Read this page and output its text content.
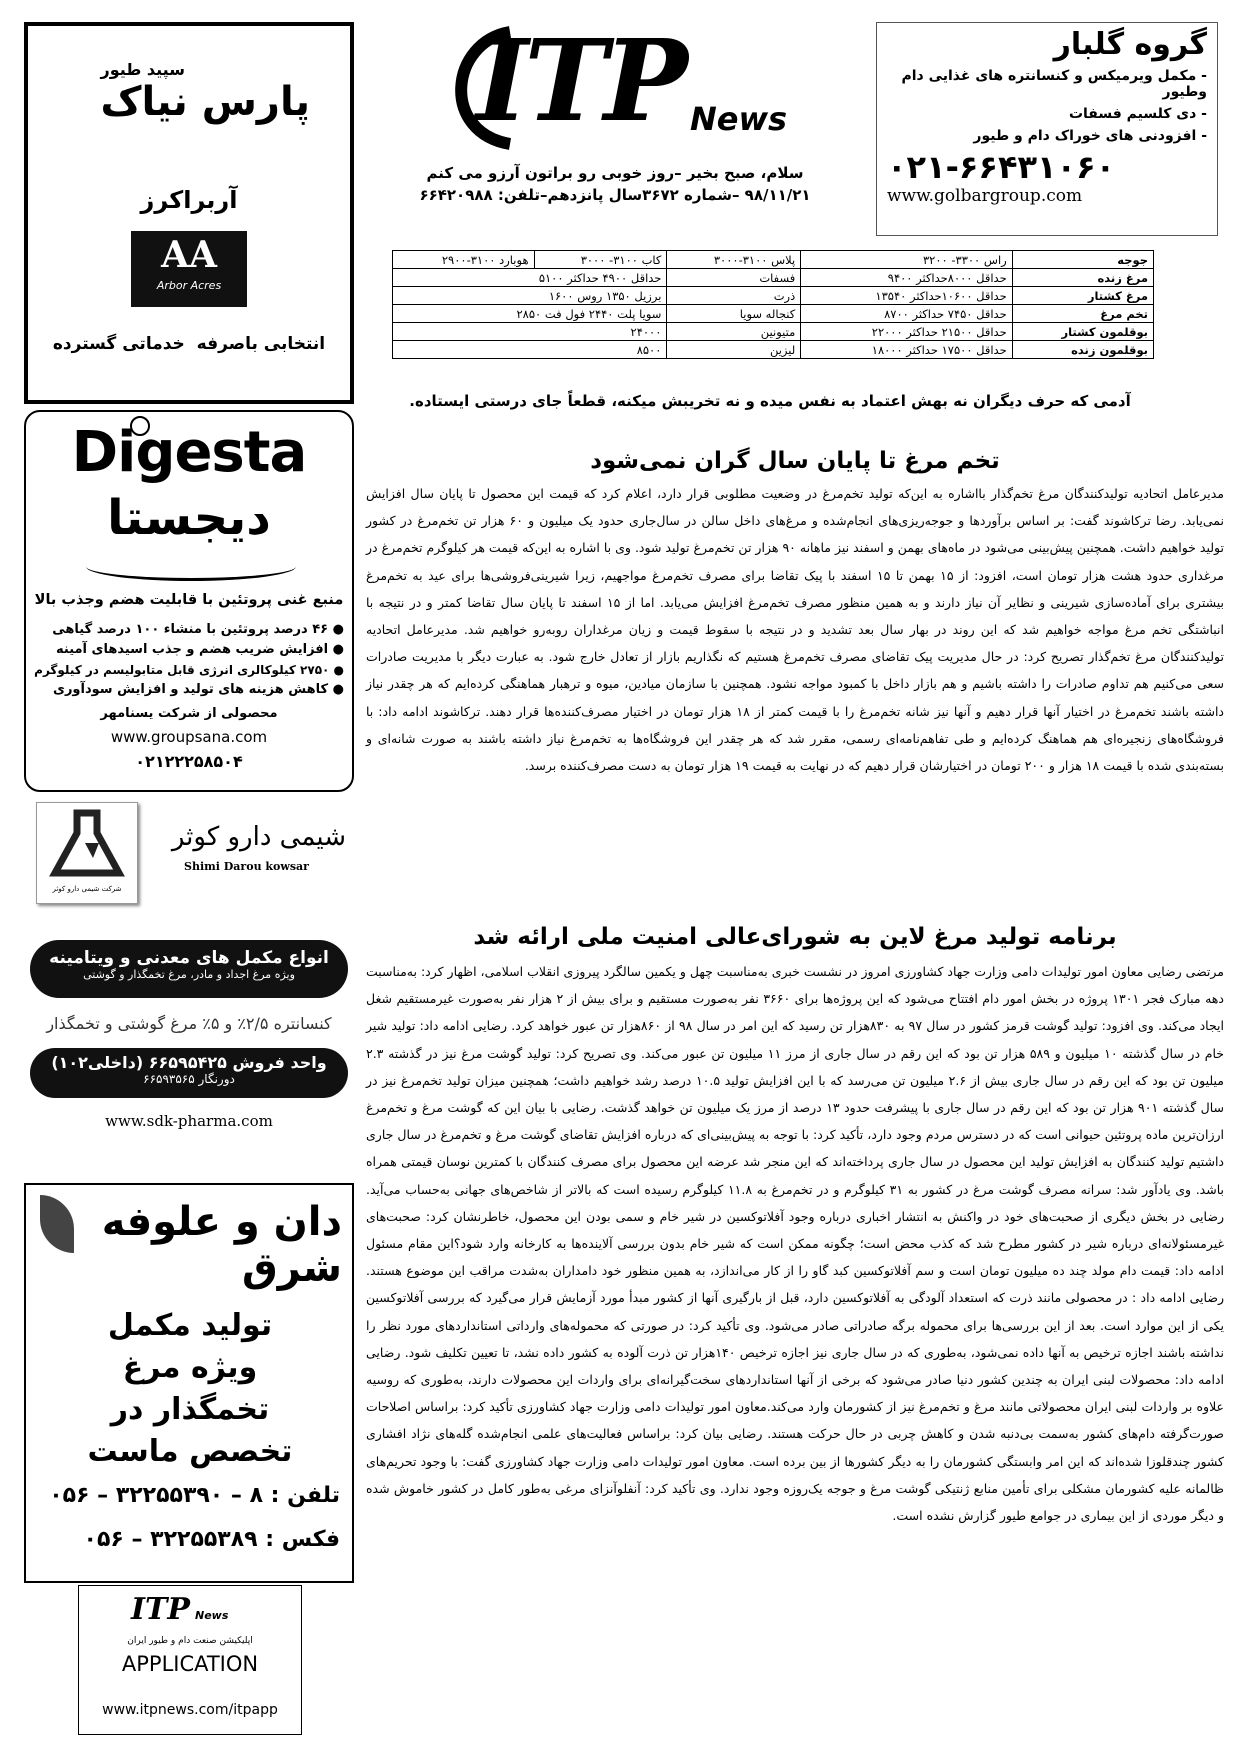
گروه گلبار
- مکمل ویرمیکس و کنسانتره های غذایی دام وطیور
- دی کلسیم فسفات
- افزودنی های خوراک دام و طیور
۰۲۱-۶۶۴۳۱۰۶۰
www.golbargroup.com
ITP News
سلام، صبح بخیر –روز خوبی رو براتون آرزو می کنم
۹۸/۱۱/۲۱ –شماره ۳۶۷۲سال پانزدهم–تلفن: ۶۶۴۲۰۹۸۸
جوجه	راس ۳۳۰۰- ۳۲۰۰	پلاس ۳۱۰۰-۳۰۰۰	کاب ۳۱۰۰- ۳۰۰۰	هوبارد ۳۱۰۰-۲۹۰۰
مرغ زنده	حداقل ۸۰۰۰حداکثر ۹۴۰۰	فسفات	حداقل ۴۹۰۰ حداکثر ۵۱۰۰	
مرغ کشتار	حداقل ۱۰۶۰۰حداکثر ۱۳۵۴۰	ذرت	برزیل ۱۳۵۰ روس ۱۶۰۰	
تخم مرغ	حداقل ۷۴۵۰ حداکثر ۸۷۰۰	کنجاله سویا	سویا پلت ۲۴۴۰ فول فت ۲۸۵۰	
بوقلمون کشتار	حداقل ۲۱۵۰۰ حداکثر ۲۲۰۰۰	متیونین	۲۴۰۰۰	
بوقلمون زنده	حداقل ۱۷۵۰۰ حداکثر ۱۸۰۰۰	لیزین	۸۵۰۰	
آدمی که حرف دیگران نه بهش اعتماد به نفس میده و نه تخریبش میکنه، قطعاً جای درستی ایستاده.
تخم مرغ تا پایان سال گران نمی‌شود
مدیرعامل اتحادیه تولیدکنندگان مرغ تخم‌گذار بااشاره به این‌که تولید تخم‌مرغ در وضعیت مطلوبی قرار دارد، اعلام کرد که قیمت این محصول تا پایان سال افزایش نمی‌یابد. رضا ترکاشوند گفت: بر اساس برآوردها و جوجه‌ریزی‌های انجام‌شده و مرغ‌های داخل سالن در سال‌جاری حدود یک میلیون و ۶۰ هزار تن تخم‌مرغ در کشور تولید خواهیم داشت. همچنین پیش‌بینی می‌شود در ماه‌های بهمن و اسفند نیز ماهانه ۹۰ هزار تن تخم‌مرغ تولید شود. وی با اشاره به این‌که قیمت هر کیلوگرم تخم‌مرغ در مرغداری حدود هشت هزار تومان است، افزود: از ۱۵ بهمن تا ۱۵ اسفند با پیک تقاضا برای مصرف تخم‌مرغ مواجهیم، زیرا شیرینی‌فروشی‌ها برای عید به تخم‌مرغ بیشتری برای آماده‌سازی شیرینی و نظایر آن نیاز دارند و به همین منظور مصرف تخم‌مرغ افزایش می‌یابد. اما از ۱۵ اسفند تا پایان سال تقاضا کمتر و در نتیجه با انباشتگی تخم مرغ مواجه خواهیم شد که این روند در بهار سال بعد تشدید و در نتیجه با سقوط قیمت و زیان مرغداران روبه‌رو خواهیم شد. مدیرعامل اتحادیه تولیدکنندگان مرغ تخم‌گذار تصریح کرد: در حال مدیریت پیک تقاضای مصرف تخم‌مرغ هستیم که نگذاریم بازار از تعادل خارج شود. به عبارت دیگر با مدیریت صادرات سعی می‌کنیم هم تداوم صادرات را داشته باشیم و هم بازار داخل با کمبود مواجه نشود. همچنین با سازمان میادین، میوه و ترهبار هماهنگی کرده‌ایم که هر چقدر نیاز داشته باشند تخم‌مرغ در اختیار آنها قرار دهیم و آنها نیز شانه تخم‌مرغ را با قیمت کمتر از ۱۸ هزار تومان در اختیار مصرف‌کننده‌ها قرار دهند. ترکاشوند ادامه داد: با فروشگاه‌های زنجیره‌ای هم هماهنگ کرده‌ایم و طی تفاهم‌نامه‌ای رسمی، مقرر شد که هر چقدر این فروشگاه‌ها به تخم‌مرغ نیاز داشته باشند به صورت شانه‌ای و بسته‌بندی شده با قیمت ۱۸ هزار و ۲۰۰ تومان در اختیارشان قرار دهیم که در نهایت به قیمت ۱۹ هزار تومان به دست مصرف‌کننده برسد.
برنامه تولید مرغ لاین به شورای‌عالی امنیت ملی ارائه شد
مرتضی رضایی معاون امور تولیدات دامی وزارت جهاد کشاورزی امروز در نشست خبری به‌مناسبت چهل و یکمین سالگرد پیروزی انقلاب اسلامی، اظهار کرد: به‌مناسبت دهه مبارک فجر ۱۳۰۱ پروژه در بخش امور دام افتتاح می‌شود که این پروژه‌ها برای ۳۶۶۰ نفر به‌صورت مستقیم و برای بیش از ۲ هزار نفر به‌صورت غیرمستقیم شغل ایجاد می‌کند. وی افزود: تولید گوشت قرمز کشور در سال ۹۷ به ۸۳۰هزار تن رسید که این امر در سال ۹۸ از ۸۶۰هزار تن عبور خواهد کرد. رضایی ادامه داد: تولید شیر خام در سال گذشته ۱۰ میلیون و ۵۸۹ هزار تن بود که این رقم در سال جاری از مرز ۱۱ میلیون تن عبور می‌کند. وی تصریح کرد: تولید گوشت مرغ نیز در گذشته ۲.۳ میلیون تن بود که این رقم در سال جاری بیش از ۲.۶ میلیون تن می‌رسد که با این افزایش تولید ۱۰.۵ درصد رشد خواهیم داشت؛ همچنین میزان تولید تخم‌مرغ نیز در سال گذشته ۹۰۱ هزار تن بود که این رقم در سال جاری با پیشرفت حدود ۱۳ درصد از مرز یک میلیون تن خواهد گذشت. رضایی با بیان این که گوشت مرغ و تخم‌مرغ ارزان‌ترین ماده پروتئین حیوانی است که در دسترس مردم وجود دارد، تأکید کرد: با توجه به پیش‌بینی‌ای که درباره افزایش تقاضای گوشت مرغ و تخم‌مرغ در سال جاری داشتیم تولید کنندگان به افزایش تولید این محصول در سال جاری پرداخته‌اند که این منجر شد عرضه این محصول برای مصرف کنندگان با کمترین نوسان قیمتی همراه باشد. وی یادآور شد: سرانه مصرف گوشت مرغ در کشور به ۳۱ کیلوگرم و در تخم‌مرغ به ۱۱.۸ کیلوگرم رسیده است که بالاتر از شاخص‌های جهانی به‌حساب می‌آید. رضایی در بخش دیگری از صحبت‌های خود در واکنش به انتشار اخباری درباره وجود آفلاتوکسین در شیر خام و سمی بودن این محصول، خاطرنشان کرد: صحبت‌های غیرمسئولانه‌ای درباره شیر در کشور مطرح شد که کذب محض است؛ چگونه ممکن است که شیر خام بدون بررسی آلاینده‌ها به کارخانه وارد شود؟این مقام مسئول ادامه داد: قیمت دام مولد چند ده میلیون تومان است و سم آفلاتوکسین کبد گاو را از کار می‌اندازد، به همین منظور خود دامداران به‌شدت مراقب این موضوع هستند. رضایی ادامه داد : در محصولی مانند ذرت که استعداد آلودگی به آفلاتوکسین دارد، قبل از بارگیری آنها از کشور مبدأ مورد آزمایش قرار می‌گیرد که بررسی آفلاتوکسین یکی از این موارد است. بعد از این بررسی‌ها برای محموله برگه صادراتی صادر می‌شود. وی تأکید کرد: در صورتی که محموله‌های وارداتی استانداردهای مورد نظر را نداشته باشند اجازه ترخیص به آنها داده نمی‌شود، به‌طوری که در سال جاری نیز اجازه ترخیص ۱۴۰هزار تن ذرت آلوده به کشور داده نشد، تا تعیین تکلیف شود. رضایی ادامه داد: محصولات لبنی ایران به چندین کشور دنیا صادر می‌شود که برخی از آنها استانداردهای سخت‌گیرانه‌ای برای واردات این محصولات دارند، به‌طوری که روسیه علاوه بر واردات لبنی ایران محصولاتی مانند مرغ و تخم‌مرغ نیز از کشورمان وارد می‌کند.معاون امور تولیدات دامی وزارت جهاد کشاورزی تأکید کرد: براساس اصلاحات صورت‌گرفته دام‌های کشور به‌سمت بی‌دنبه شدن و کاهش چربی در حال حرکت هستند. رضایی بیان کرد: براساس فعالیت‌های علمی انجام‌شده گله‌های نژاد افشاری کشور چندقلوزا شده‌اند که این امر وابستگی کشورمان را به دیگر کشورها از بین برده است. معاون امور تولیدات دامی وزارت جهاد کشاورزی گفت: با وجود تحریم‌های ظالمانه علیه کشورمان مشکلی برای تأمین منابع ژنتیکی گوشت مرغ و جوجه یک‌روزه وجود ندارد. وی تأکید کرد: آنفلوآنزای مرغی به‌طور کامل در کشور خاموش شده و دیگر موردی از این بیماری در جوامع طیور گزارش نشده است.
سپید طیور
پارس نیاک
آربراکرز
AA
Arbor Acres
انتخابی باصرفه  خدماتی گسترده
Digesta
دیجستا
منبع غنی پروتئین با قابلیت هضم وجذب بالا
● ۴۶ درصد پروتئین با منشاء ۱۰۰ درصد گیاهی
● افزایش ضریب هضم و جذب اسیدهای آمینه
● ۲۷۵۰ کیلوکالری انرژی قابل متابولیسم در کیلوگرم
● کاهش هزینه های تولید و افزایش سودآوری
محصولی از شرکت یسنامهر
www.groupsana.com
۰۲۱۲۲۲۵۸۵۰۴
شرکت شیمی دارو کوثر
شیمی دارو کوثر
Shimi Darou kowsar
انواع مکمل های معدنی و ویتامینه
ویژه مرغ اجداد و مادر، مرغ تخمگذار و گوشتی
کنسانتره ۲/۵٪ و ۵٪ مرغ گوشتی و تخمگذار
واحد فروش ۶۶۵۹۵۴۲۵ (داخلی۱۰۲)
دورنگار ۶۶۵۹۳۵۶۵
www.sdk-pharma.com
دان و علوفه شرق
تولید مکمل ویژه مرغ تخمگذار در تخصص ماست
تلفن : ۸ – ۳۲۲۵۵۳۹۰ – ۰۵۶
فکس : ۳۲۲۵۵۳۸۹ – ۰۵۶
ITP News
اپلیکیشن صنعت دام و طیور ایران
APPLICATION
www.itpnews.com/itpapp
